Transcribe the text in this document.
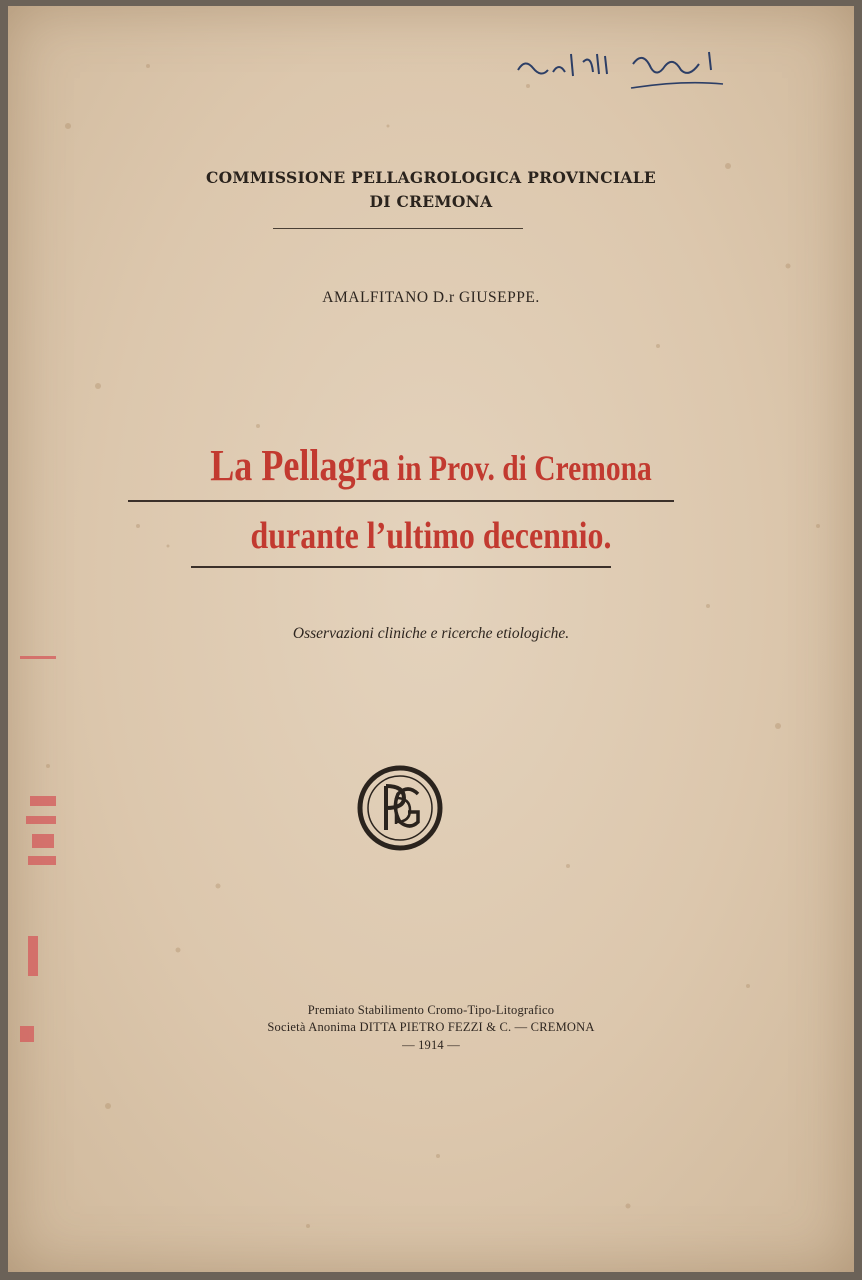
COMMISSIONE PELLAGROLOGICA PROVINCIALE
DI CREMONA
AMALFITANO D.r GIUSEPPE.
La Pellagra in Prov. di Cremona
durante l’ultimo decennio.
Osservazioni cliniche e ricerche etiologiche.
Premiato Stabilimento Cromo-Tipo-Litografico
Società Anonima DITTA PIETRO FEZZI & C. — CREMONA
— 1914 —
